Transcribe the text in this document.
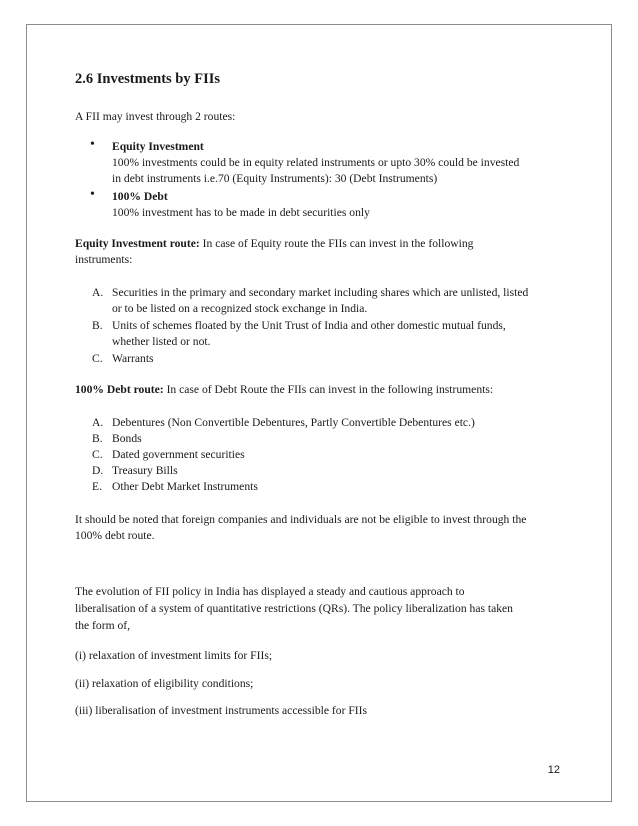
2.6 Investments by FIIs
A FII may invest through 2 routes:
• Equity Investment
100% investments could be in equity related instruments or upto 30% could be invested
in debt instruments i.e.70 (Equity Instruments): 30 (Debt Instruments)
• 100% Debt
100% investment has to be made in debt securities only
Equity Investment route: In case of Equity route the FIIs can invest in the following
instruments:
A. Securities in the primary and secondary market including shares which are unlisted, listed
or to be listed on a recognized stock exchange in India.
B. Units of schemes floated by the Unit Trust of India and other domestic mutual funds,
whether listed or not.
C. Warrants
100% Debt route: In case of Debt Route the FIIs can invest in the following instruments:
A. Debentures (Non Convertible Debentures, Partly Convertible Debentures etc.)
B. Bonds
C. Dated government securities
D. Treasury Bills
E. Other Debt Market Instruments
It should be noted that foreign companies and individuals are not be eligible to invest through the
100% debt route.
The evolution of FII policy in India has displayed a steady and cautious approach to
liberalisation of a system of quantitative restrictions (QRs). The policy liberalization has taken
the form of,
(i) relaxation of investment limits for FIIs;
(ii) relaxation of eligibility conditions;
(iii) liberalisation of investment instruments accessible for FIIs
12
